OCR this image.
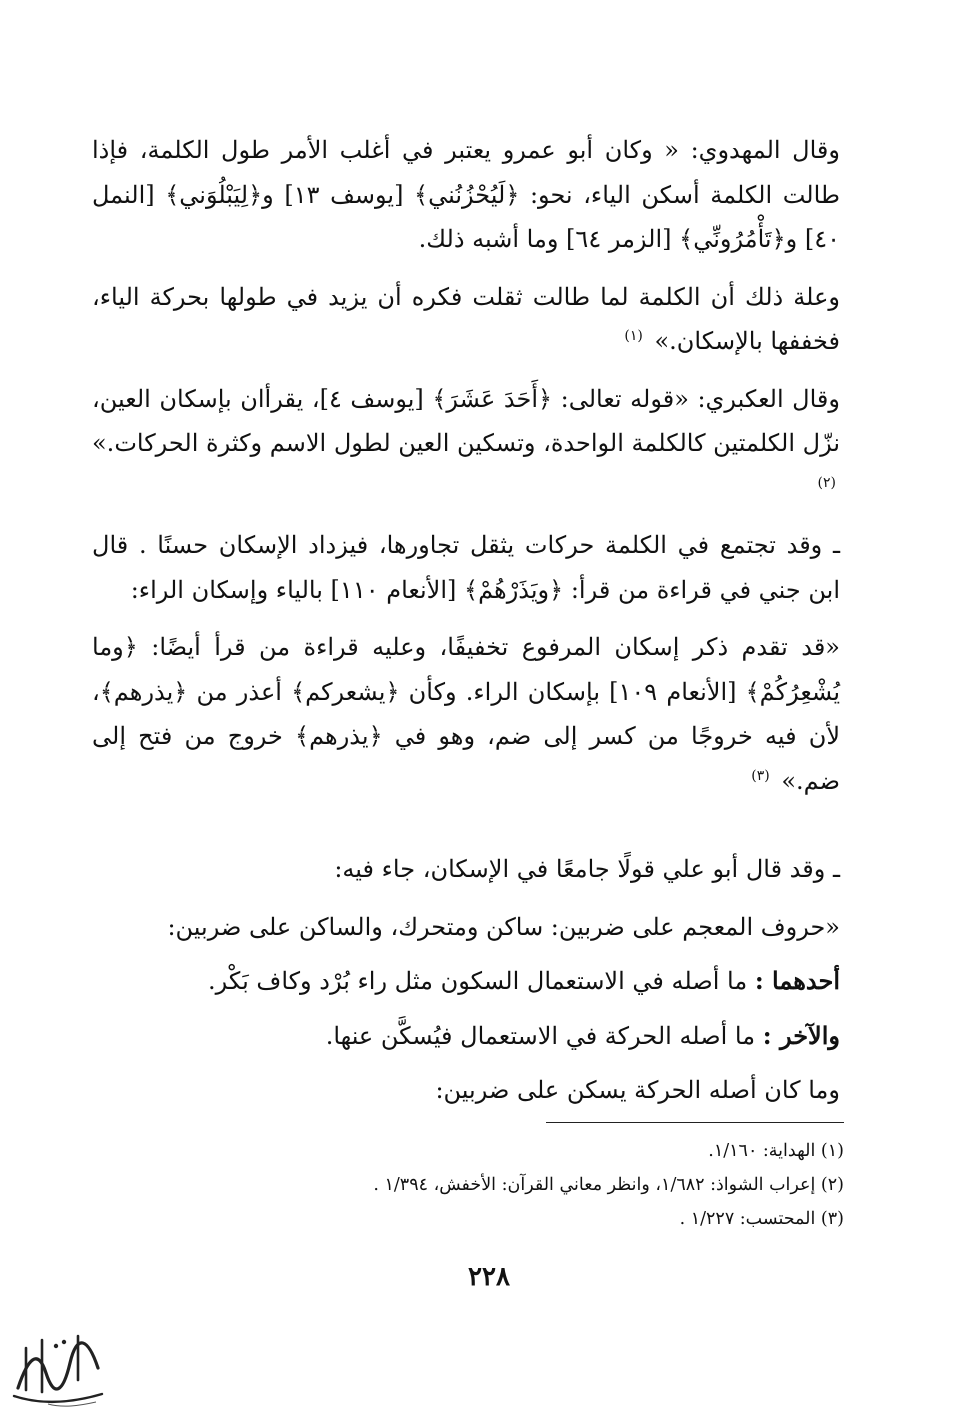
وقال المهدوي: « وكان أبو عمرو يعتبر في أغلب الأمر طول الكلمة، فإذا طالت الكلمة أسكن الياء، نحو: ﴿لَيُحْزُنُني﴾ [يوسف ١٣] و﴿لِيَبْلُوَني﴾ [النمل ٤٠] و﴿تَأْمُرُونِّي﴾ [الزمر ٦٤] وما أشبه ذلك.

وعلة ذلك أن الكلمة لما طالت ثقلت فكره أن يزيد في طولها بحركة الياء، فخففها بالإسكان.» $^{(١)}$

وقال العكبري: «قوله تعالى: ﴿أَحَدَ عَشَرَ﴾ [يوسف ٤]، يقرأان بإسكان العين، نزّل الكلمتين كالكلمة الواحدة، وتسكين العين لطول الاسم وكثرة الحركات.» $^{(٢)}$

ـ وقد تجتمع في الكلمة حركات يثقل تجاورها، فيزداد الإسكان حسنًا . قال ابن جني في قراءة من قرأ: ﴿ويَذَرْهُمْ﴾ [الأنعام ١١٠] بالياء وإسكان الراء:

«قد تقدم ذكر إسكان المرفوع تخفيفًا، وعليه قراءة من قرأ أيضًا: ﴿وما يُشْعِرُكُمْ﴾ [الأنعام ١٠٩] بإسكان الراء. وكأن ﴿يشعركم﴾ أعذر من ﴿يذرهم﴾، لأن فيه خروجًا من كسر إلى ضم، وهو في ﴿يذرهم﴾ خروج من فتح إلى ضم.» $^{(٣)}$

ـ وقد قال أبو علي قولًا جامعًا في الإسكان، جاء فيه:

«حروف المعجم على ضربين: ساكن ومتحرك، والساكن على ضربين:

أحدهما : ما أصله في الاستعمال السكون مثل راء بُرْد وكاف بَكْر.

والآخر : ما أصله الحركة في الاستعمال فيُسكَّن عنها.

وما كان أصله الحركة يسكن على ضربين:

(١) الهداية: ١/١٦٠.
(٢) إعراب الشواذ: ١/٦٨٢، وانظر معاني القرآن: الأخفش، ١/٣٩٤ .
(٣) المحتسب: ١/٢٢٧ .
٢٢٨
